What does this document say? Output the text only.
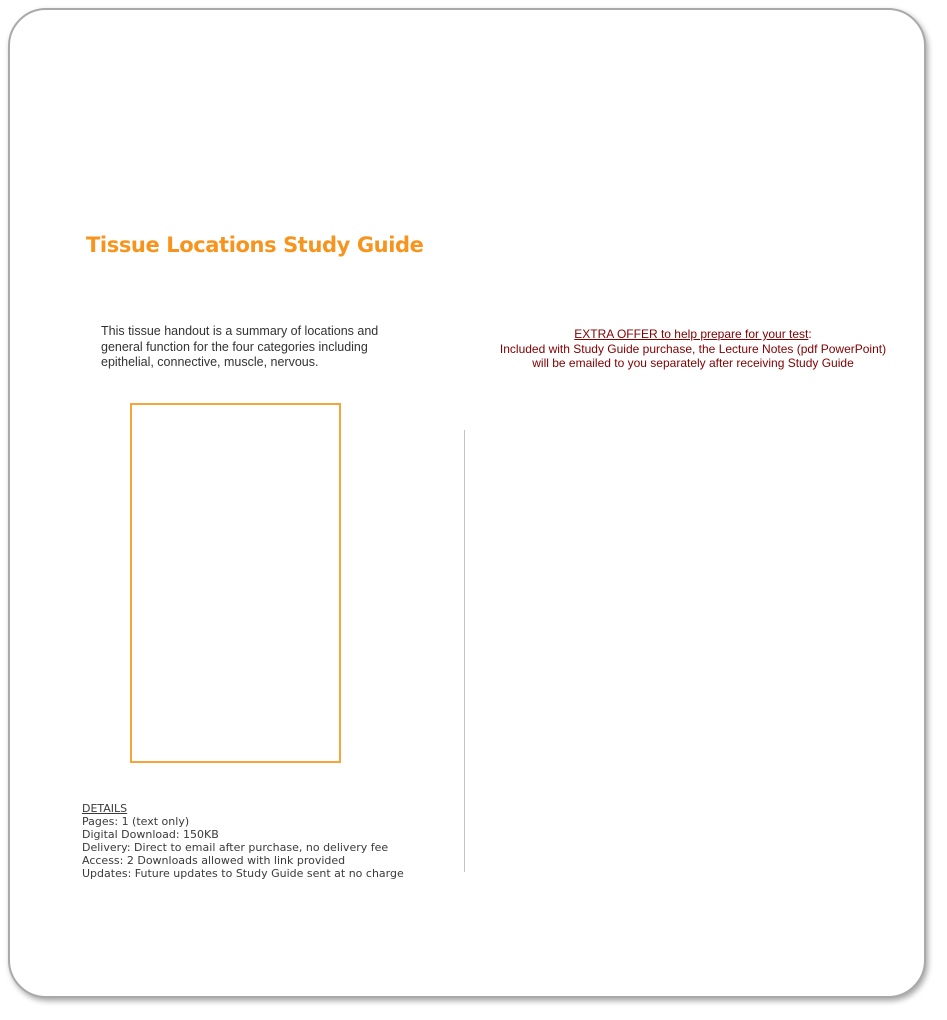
Tissue Locations Study Guide

This tissue handout is a summary of locations and general function for the four categories including epithelial, connective, muscle, nervous.

EXTRA OFFER to help prepare for your test:
Included with Study Guide purchase, the Lecture Notes (pdf PowerPoint)
will be emailed to you separately after receiving Study Guide
DETAILS
Pages: 1 (text only)
Digital Download: 150KB
Delivery: Direct to email after purchase, no delivery fee
Access: 2 Downloads allowed with link provided
Updates: Future updates to Study Guide sent at no charge
